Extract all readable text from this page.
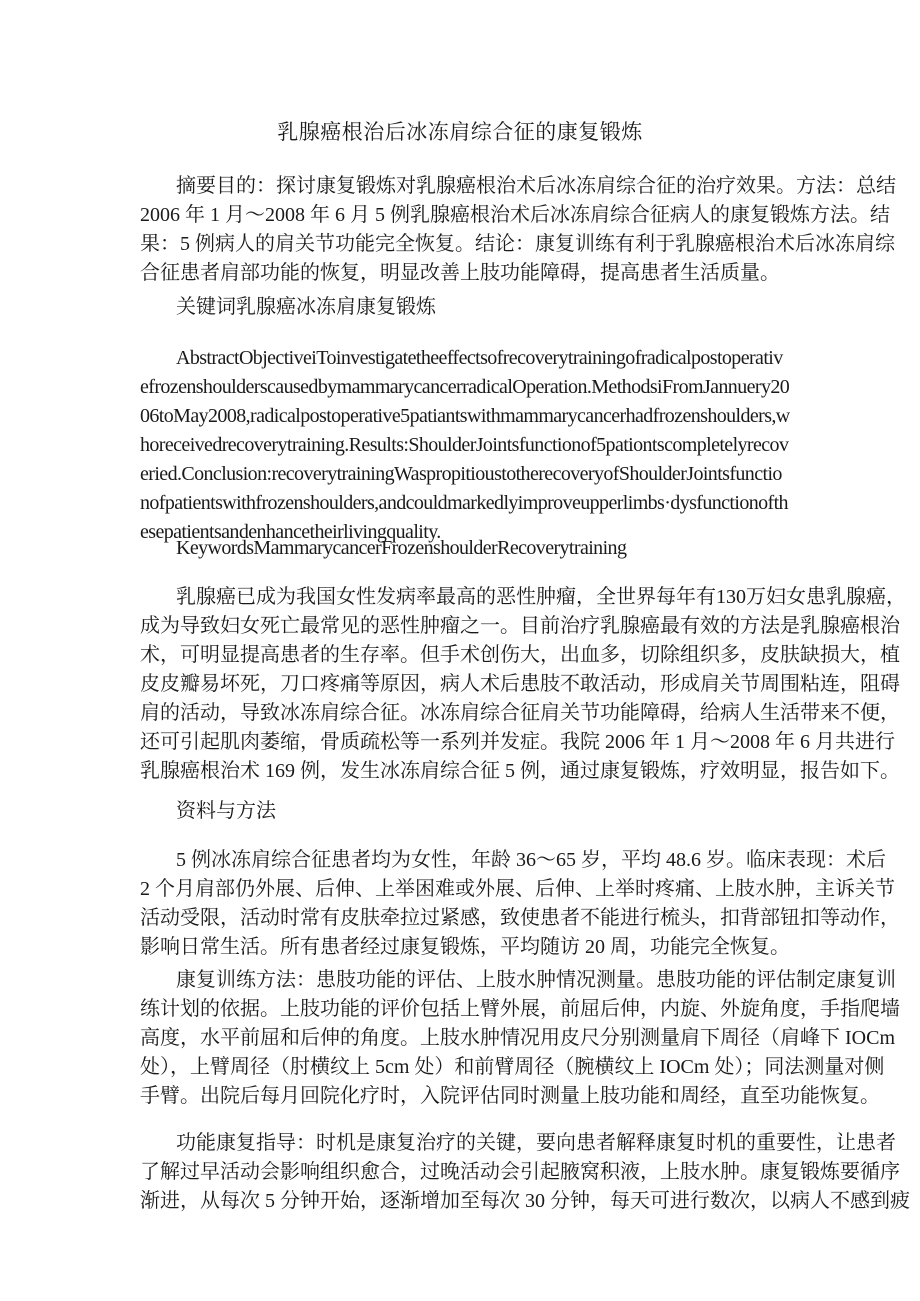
乳腺癌根治后冰冻肩综合征的康复锻炼
摘要目的：探讨康复锻炼对乳腺癌根治术后冰冻肩综合征的治疗效果。方法：总结
2006 年 1 月～2008 年 6 月 5 例乳腺癌根治术后冰冻肩综合征病人的康复锻炼方法。结
果：5 例病人的肩关节功能完全恢复。结论：康复训练有利于乳腺癌根治术后冰冻肩综
合征患者肩部功能的恢复，明显改善上肢功能障碍，提高患者生活质量。
关键词乳腺癌冰冻肩康复锻炼
AbstractObjectiveiToinvestigatetheeffectsofrecoverytrainingofradicalpostoperativ
efrozenshoulderscausedbymammarycancerradicalOperation.MethodsiFromJannuery20
06toMay2008,radicalpostoperative5patiantswithmammarycancerhadfrozenshoulders,w
horeceivedrecoverytraining.Results:ShoulderJointsfunctionof5pationtscompletelyrecov
eried.Conclusion:recoverytrainingWaspropitioustotherecoveryofShoulderJointsfunctio
nofpatientswithfrozenshoulders,andcouldmarkedlyimproveupperlimbs·dysfunctionofth
esepatientsandenhancetheirlivingquality.
KeywordsMammarycancerFrozenshoulderRecoverytraining
乳腺癌已成为我国女性发病率最高的恶性肿瘤，全世界每年有130万妇女患乳腺癌，
成为导致妇女死亡最常见的恶性肿瘤之一。目前治疗乳腺癌最有效的方法是乳腺癌根治
术，可明显提高患者的生存率。但手术创伤大，出血多，切除组织多，皮肤缺损大，植
皮皮瓣易坏死，刀口疼痛等原因，病人术后患肢不敢活动，形成肩关节周围粘连，阻碍
肩的活动，导致冰冻肩综合征。冰冻肩综合征肩关节功能障碍，给病人生活带来不便，
还可引起肌肉萎缩，骨质疏松等一系列并发症。我院 2006 年 1 月～2008 年 6 月共进行
乳腺癌根治术 169 例，发生冰冻肩综合征 5 例，通过康复锻炼，疗效明显，报告如下。
资料与方法
5 例冰冻肩综合征患者均为女性，年龄 36～65 岁，平均 48.6 岁。临床表现：术后
2 个月肩部仍外展、后伸、上举困难或外展、后伸、上举时疼痛、上肢水肿，主诉关节
活动受限，活动时常有皮肤牵拉过紧感，致使患者不能进行梳头，扣背部钮扣等动作，
影响日常生活。所有患者经过康复锻炼，平均随访 20 周，功能完全恢复。
康复训练方法：患肢功能的评估、上肢水肿情况测量。患肢功能的评估制定康复训
练计划的依据。上肢功能的评价包括上臂外展，前屈后伸，内旋、外旋角度，手指爬墙
高度，水平前屈和后伸的角度。上肢水肿情况用皮尺分别测量肩下周径（肩峰下 IOCm
处），上臂周径（肘横纹上 5cm 处）和前臂周径（腕横纹上 IOCm 处）；同法测量对侧
手臂。出院后每月回院化疗时，入院评估同时测量上肢功能和周经，直至功能恢复。
功能康复指导：时机是康复治疗的关键，要向患者解释康复时机的重要性，让患者
了解过早活动会影响组织愈合，过晚活动会引起腋窝积液，上肢水肿。康复锻炼要循序
渐进，从每次 5 分钟开始，逐渐增加至每次 30 分钟，每天可进行数次，以病人不感到疲
